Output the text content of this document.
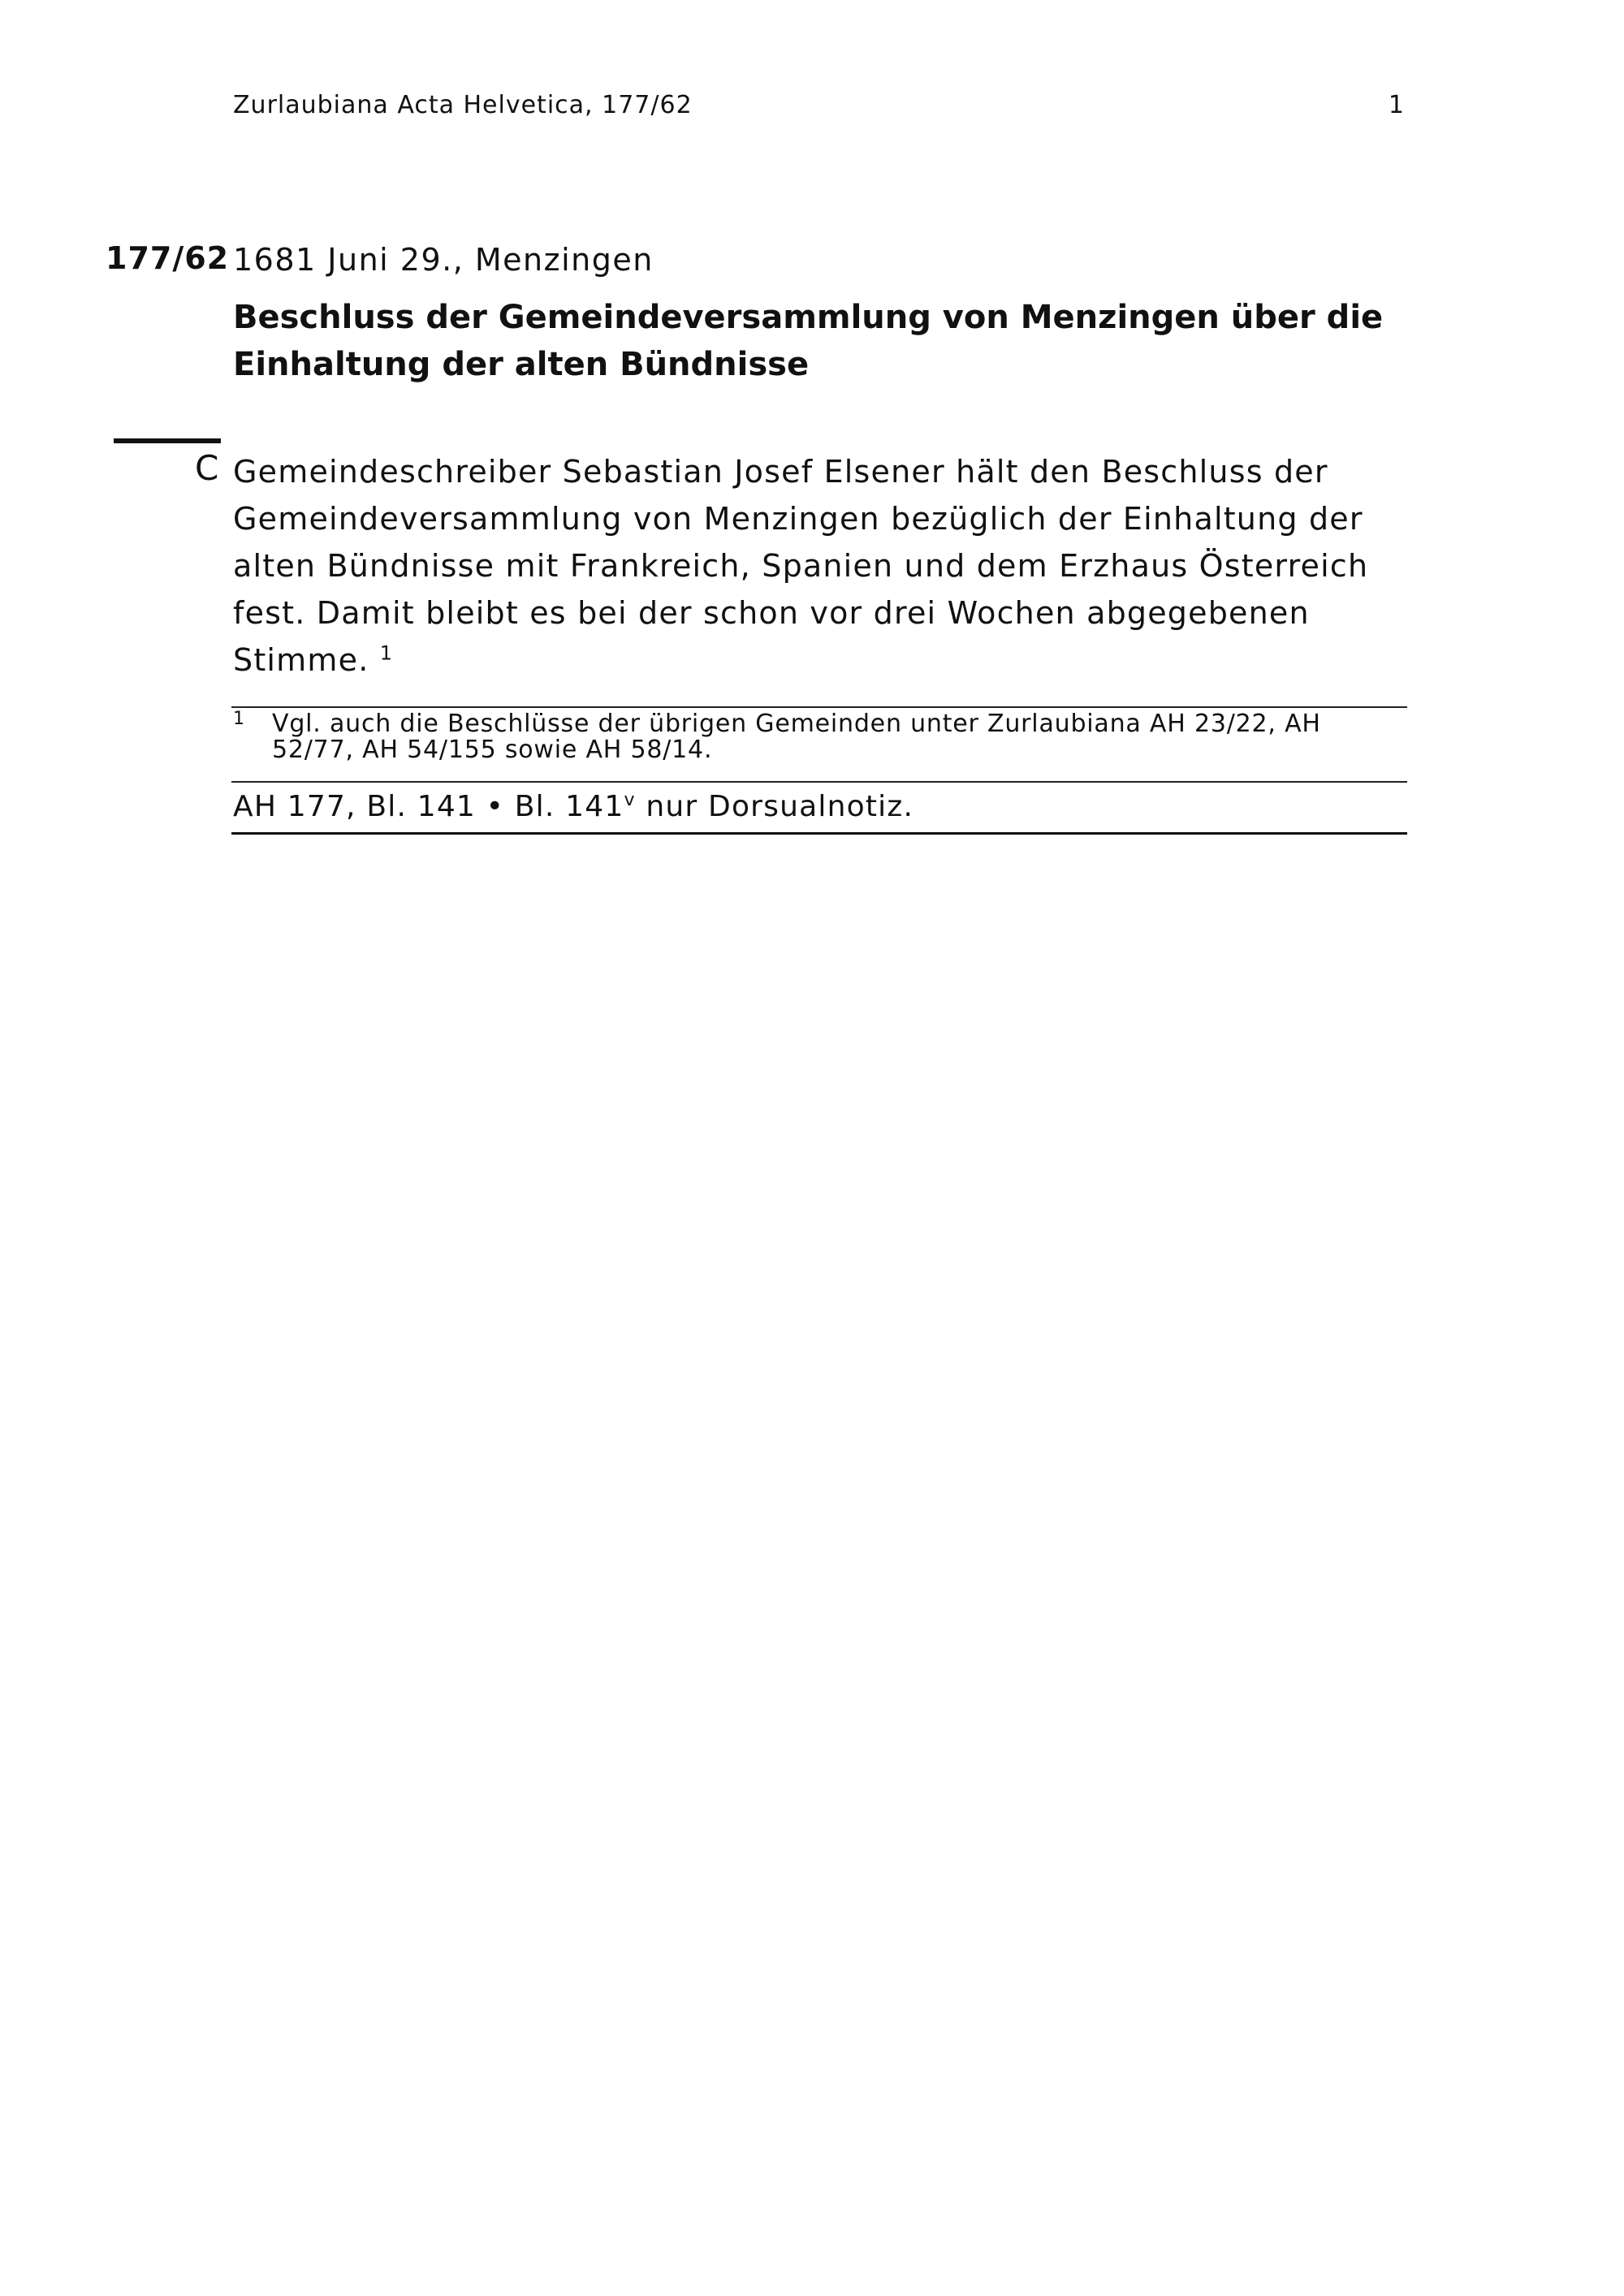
Zurlaubiana Acta Helvetica, 177/62	1
177/62 1681 Juni 29., Menzingen
Beschluss der Gemeindeversammlung von Menzingen über die Einhaltung der alten Bündnisse
C Gemeindeschreiber Sebastian Josef Elsener hält den Beschluss der Gemeindeversammlung von Menzingen bezüglich der Einhaltung der alten Bündnisse mit Frankreich, Spanien und dem Erzhaus Österreich fest. Damit bleibt es bei der schon vor drei Wochen abgegebenen Stimme. $^1$

1 Vgl. auch die Beschlüsse der übrigen Gemeinden unter Zurlaubiana AH 23/22, AH 52/77, AH 54/155 sowie AH 58/14.
AH 177, Bl. 141 • Bl. 141$^v$ nur Dorsualnotiz.
